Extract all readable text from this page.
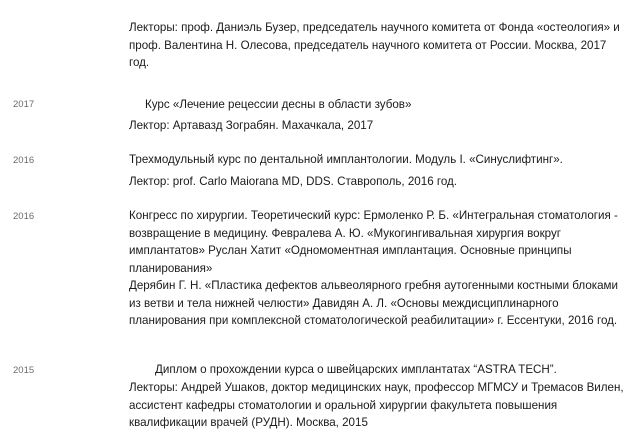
Лекторы: проф. Даниэль Бузер, председатель научного комитета от Фонда «остеология» и проф. Валентина Н. Олесова, председатель научного комитета от России. Москва, 2017 год.

2017	Курс «Лечение рецессии десны в области зубов»

Лектор: Артавазд Зограбян. Махачкала, 2017

2016	Трехмодульный курс по дентальной имплантологии. Модуль I. «Синуслифтинг».

Лектор: prof. Carlo Maiorana MD, DDS. Ставрополь, 2016 год.

2016	Конгресс по хирургии. Теоретический курс: Ермоленко Р. Б. «Интегральная стоматология - возвращение в медицину. Февралева А. Ю. «Мукогингивальная хирургия вокруг имплантатов» Руслан Хатит «Одномоментная имплантация. Основные принципы планирования»

Дерябин Г. Н. «Пластика дефектов альвеолярного гребня аутогенными костными блоками из ветви и тела нижней челюсти» Давидян А. Л. «Основы междисциплинарного планирования при комплексной стоматологической реабилитации» г. Ессентуки, 2016 год.

2015	Диплом о прохождении курса о швейцарских имплантатах “ASTRA TECH”.

Лекторы: Андрей Ушаков, доктор медицинских наук, профессор МГМСУ и Тремасов Вилен, ассистент кафедры стоматологии и оральной хирургии факультета повышения квалификации врачей (РУДН). Москва, 2015
